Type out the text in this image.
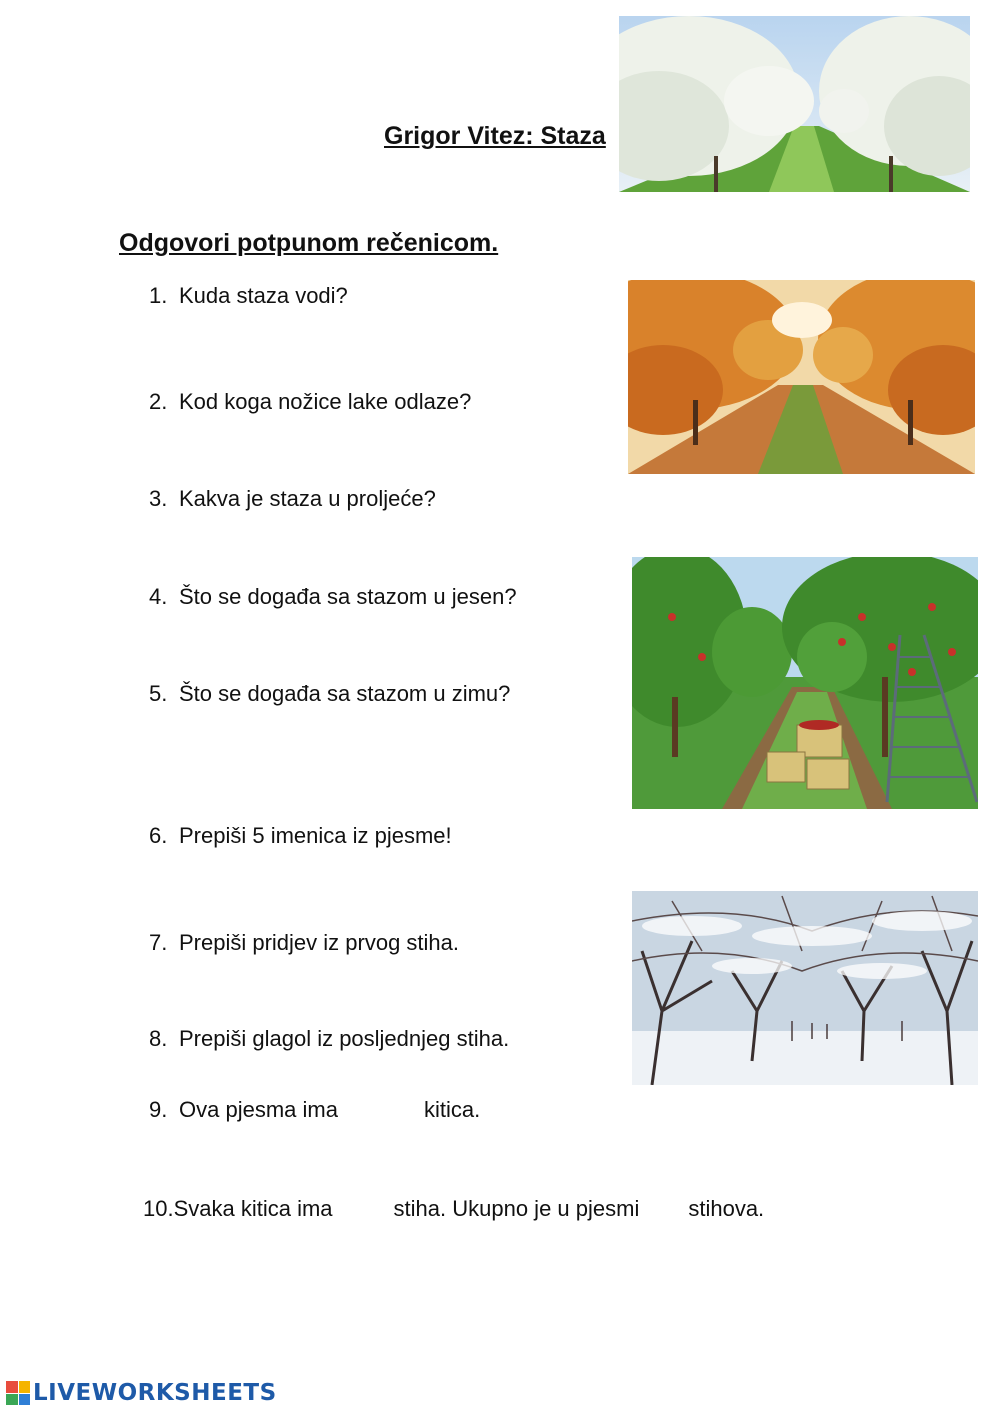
Grigor Vitez: Staza
Odgovori potpunom rečenicom.
1. Kuda staza vodi?
2. Kod koga nožice lake odlaze?
3. Kakva je staza u proljeće?
4. Što se događa sa stazom u jesen?
5. Što se događa sa stazom u zimu?
6. Prepiši 5 imenica iz pjesme!
7. Prepiši pridjev iz prvog stiha.
8. Prepiši glagol iz posljednjeg stiha.
9. Ova pjesma ima	kitica.
10.Svaka kitica ima	stiha. Ukupno je u pjesmi stihova.
LIVEWORKSHEETS
